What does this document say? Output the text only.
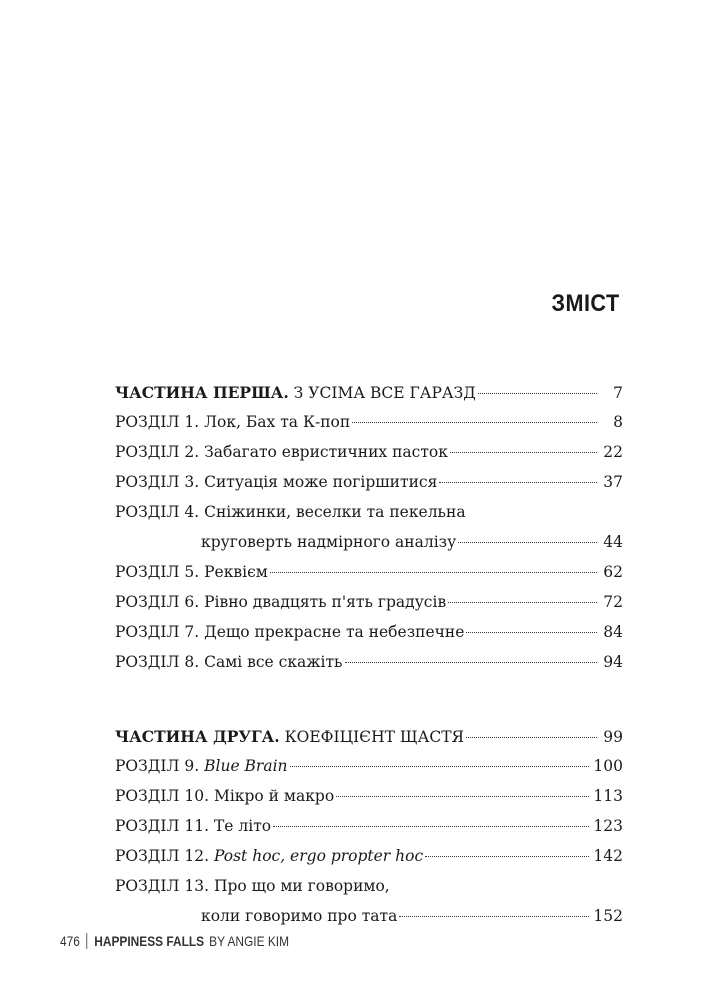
ЗМІСТ
ЧАСТИНА ПЕРША. З УСІМА ВСЕ ГАРАЗД	7
РОЗДІЛ 1. Лок, Бах та К-поп	8
РОЗДІЛ 2. Забагато евристичних пасток	22
РОЗДІЛ 3. Ситуація може погіршитися	37
РОЗДІЛ 4. Сніжинки, веселки та пекельна
круговерть надмірного аналізу	44
РОЗДІЛ 5. Реквієм	62
РОЗДІЛ 6. Рівно двадцять п'ять градусів	72
РОЗДІЛ 7. Дещо прекрасне та небезпечне	84
РОЗДІЛ 8. Самі все скажіть	94
ЧАСТИНА ДРУГА. КОЕФІЦІЄНТ ЩАСТЯ	99
РОЗДІЛ 9. Blue Brain	100
РОЗДІЛ 10. Мікро й макро	113
РОЗДІЛ 11. Те літо	123
РОЗДІЛ 12. Post hoc, ergo propter hoc	142
РОЗДІЛ 13. Про що ми говоримо,
коли говоримо про тата	152
476 HAPPINESS FALLS BY ANGIE KIM
